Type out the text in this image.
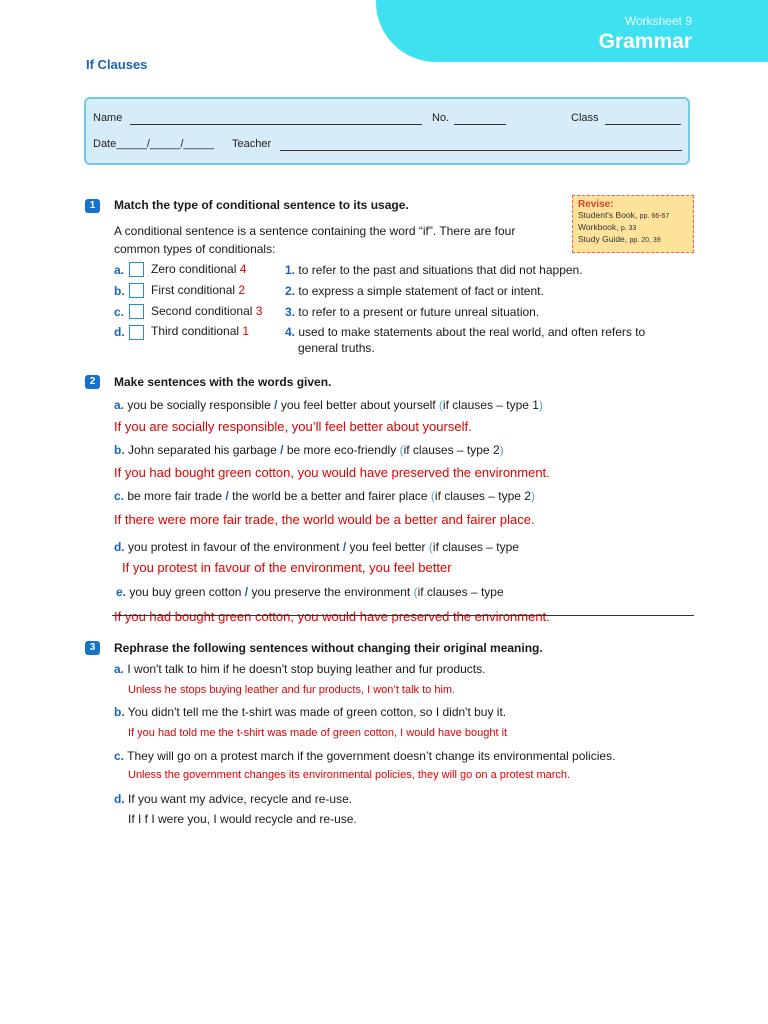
Worksheet 9
Grammar
If Clauses
Name	No.	Class
Date_____/_____/_____ Teacher
Revise:
Student's Book, pp. 66-67
Workbook, p. 33
Study Guide, pp. 20, 39
1	Match the type of conditional sentence to its usage.
A conditional sentence is a sentence containing the word “if”. There are four
common types of conditionals:
a. Zero conditional 4
b. First conditional 2
c. Second conditional 3
d. Third conditional 1
1. to refer to the past and situations that did not happen.
2. to express a simple statement of fact or intent.
3. to refer to a present or future unreal situation.
4. used to make statements about the real world, and often refers to
general truths.
2	Make sentences with the words given.
a. you be socially responsible / you feel better about yourself (if clauses – type 1)
If you are socially responsible, you’ll feel better about yourself.
b. John separated his garbage / be more eco-friendly (if clauses – type 2)
If you had bought green cotton, you would have preserved the environment.
c. be more fair trade / the world be a better and fairer place (if clauses – type 2)
If there were more fair trade, the world would be a better and fairer place.
d. you protest in favour of the environment / you feel better (if clauses – type
If you protest in favour of the environment, you feel better
e. you buy green cotton / you preserve the environment (if clauses – type
If you had bought green cotton, you would have preserved the environment.
3	Rephrase the following sentences without changing their original meaning.
a. I won't talk to him if he doesn't stop buying leather and fur products.
Unless he stops buying leather and fur products, I won’t talk to him.
b. You didn't tell me the t-shirt was made of green cotton, so I didn't buy it.
If you had told me the t-shirt was made of green cotton, I would have bought it
c. They will go on a protest march if the government doesn’t change its environmental policies.
Unless the government changes its environmental policies, they will go on a protest march.
d. If you want my advice, recycle and re-use.
If I f I were you, I would recycle and re-use.
